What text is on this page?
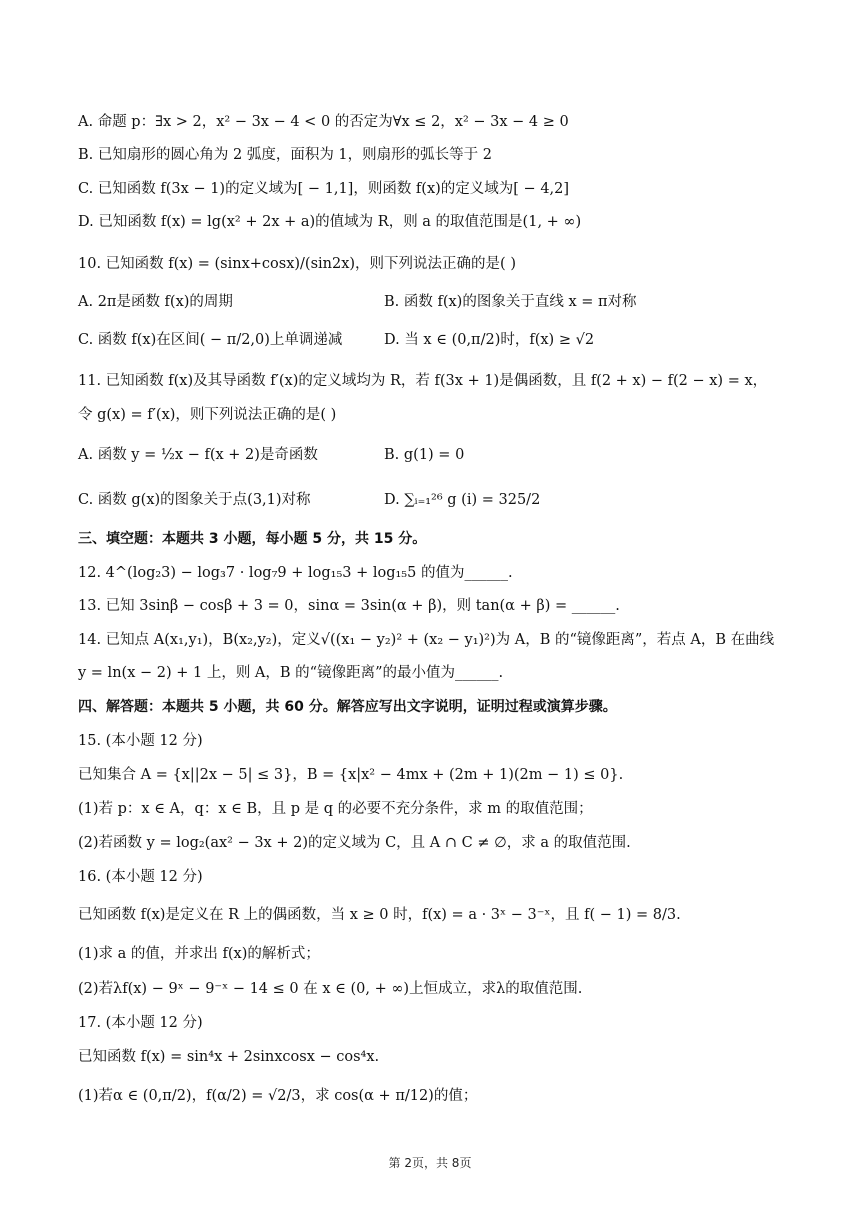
A. 命题 p：∃x > 2，x² − 3x − 4 < 0 的否定为∀x ≤ 2，x² − 3x − 4 ≥ 0
B. 已知扇形的圆心角为 2 弧度，面积为 1，则扇形的弧长等于 2
C. 已知函数 f(3x − 1)的定义域为[ − 1,1]，则函数 f(x)的定义域为[ − 4,2]
D. 已知函数 f(x) = lg(x² + 2x + a)的值域为 R，则 a 的取值范围是(1, + ∞)
10. 已知函数 f(x) = (sinx+cosx)/(sin2x)，则下列说法正确的是( )
A. 2π是函数 f(x)的周期	B. 函数 f(x)的图象关于直线 x = π对称
C. 函数 f(x)在区间( − π/2,0)上单调递减	D. 当 x ∈ (0,π/2)时，f(x) ≥ √2
11. 已知函数 f(x)及其导函数 f′(x)的定义域均为 R，若 f(3x + 1)是偶函数，且 f(2 + x) − f(2 − x) = x，
令 g(x) = f′(x)，则下列说法正确的是( )
A. 函数 y = ½x − f(x + 2)是奇函数	B. g(1) = 0
C. 函数 g(x)的图象关于点(3,1)对称	D. ∑ᵢ₌₁²⁶ g (i) = 325/2
三、填空题：本题共 3 小题，每小题 5 分，共 15 分。
12. 4^(log₂3) − log₃7 · log₇9 + log₁₅3 + log₁₅5 的值为______.
13. 已知 3sinβ − cosβ + 3 = 0，sinα = 3sin(α + β)，则 tan(α + β) = ______.
14. 已知点 A(x₁,y₁)，B(x₂,y₂)，定义√((x₁ − y₂)² + (x₂ − y₁)²)为 A，B 的“镜像距离”，若点 A，B 在曲线
y = ln(x − 2) + 1 上，则 A，B 的“镜像距离”的最小值为______.
四、解答题：本题共 5 小题，共 60 分。解答应写出文字说明，证明过程或演算步骤。
15. (本小题 12 分)
已知集合 A = {x||2x − 5| ≤ 3}，B = {x|x² − 4mx + (2m + 1)(2m − 1) ≤ 0}.
(1)若 p：x ∈ A，q：x ∈ B，且 p 是 q 的必要不充分条件，求 m 的取值范围；
(2)若函数 y = log₂(ax² − 3x + 2)的定义域为 C，且 A ∩ C ≠ ∅，求 a 的取值范围.
16. (本小题 12 分)
已知函数 f(x)是定义在 R 上的偶函数，当 x ≥ 0 时，f(x) = a · 3ˣ − 3⁻ˣ，且 f( − 1) = 8/3.
(1)求 a 的值，并求出 f(x)的解析式；
(2)若λf(x) − 9ˣ − 9⁻ˣ − 14 ≤ 0 在 x ∈ (0, + ∞)上恒成立，求λ的取值范围.
17. (本小题 12 分)
已知函数 f(x) = sin⁴x + 2sinxcosx − cos⁴x.
(1)若α ∈ (0,π/2)，f(α/2) = √2/3，求 cos(α + π/12)的值；
第 2页，共 8页
